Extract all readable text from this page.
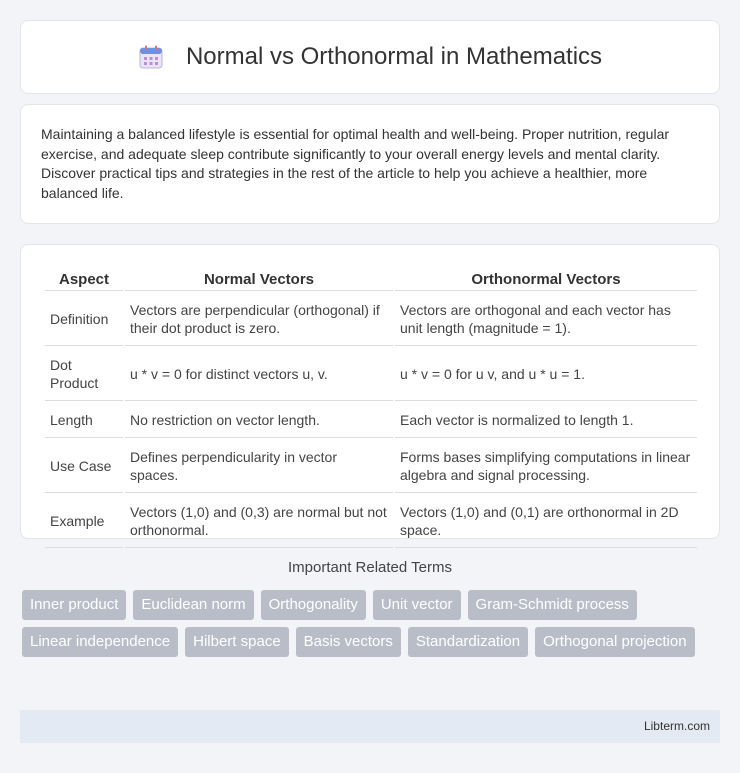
Normal vs Orthonormal in Mathematics

Maintaining a balanced lifestyle is essential for optimal health and well-being. Proper nutrition, regular exercise, and adequate sleep contribute significantly to your overall energy levels and mental clarity. Discover practical tips and strategies in the rest of the article to help you achieve a healthier, more balanced life.

Aspect	Normal Vectors	Orthonormal Vectors
Definition	Vectors are perpendicular (orthogonal) if their dot product is zero.	Vectors are orthogonal and each vector has unit length (magnitude = 1).
Dot Product	u * v = 0 for distinct vectors u, v.	u * v = 0 for u v, and u * u = 1.
Length	No restriction on vector length.	Each vector is normalized to length 1.
Use Case	Defines perpendicularity in vector spaces.	Forms bases simplifying computations in linear algebra and signal processing.
Example	Vectors (1,0) and (0,3) are normal but not orthonormal.	Vectors (1,0) and (0,1) are orthonormal in 2D space.
Important Related Terms
Inner product	Euclidean norm	Orthogonality	Unit vector	Gram-Schmidt process
Linear independence	Hilbert space	Basis vectors	Standardization	Orthogonal projection
Libterm.com
